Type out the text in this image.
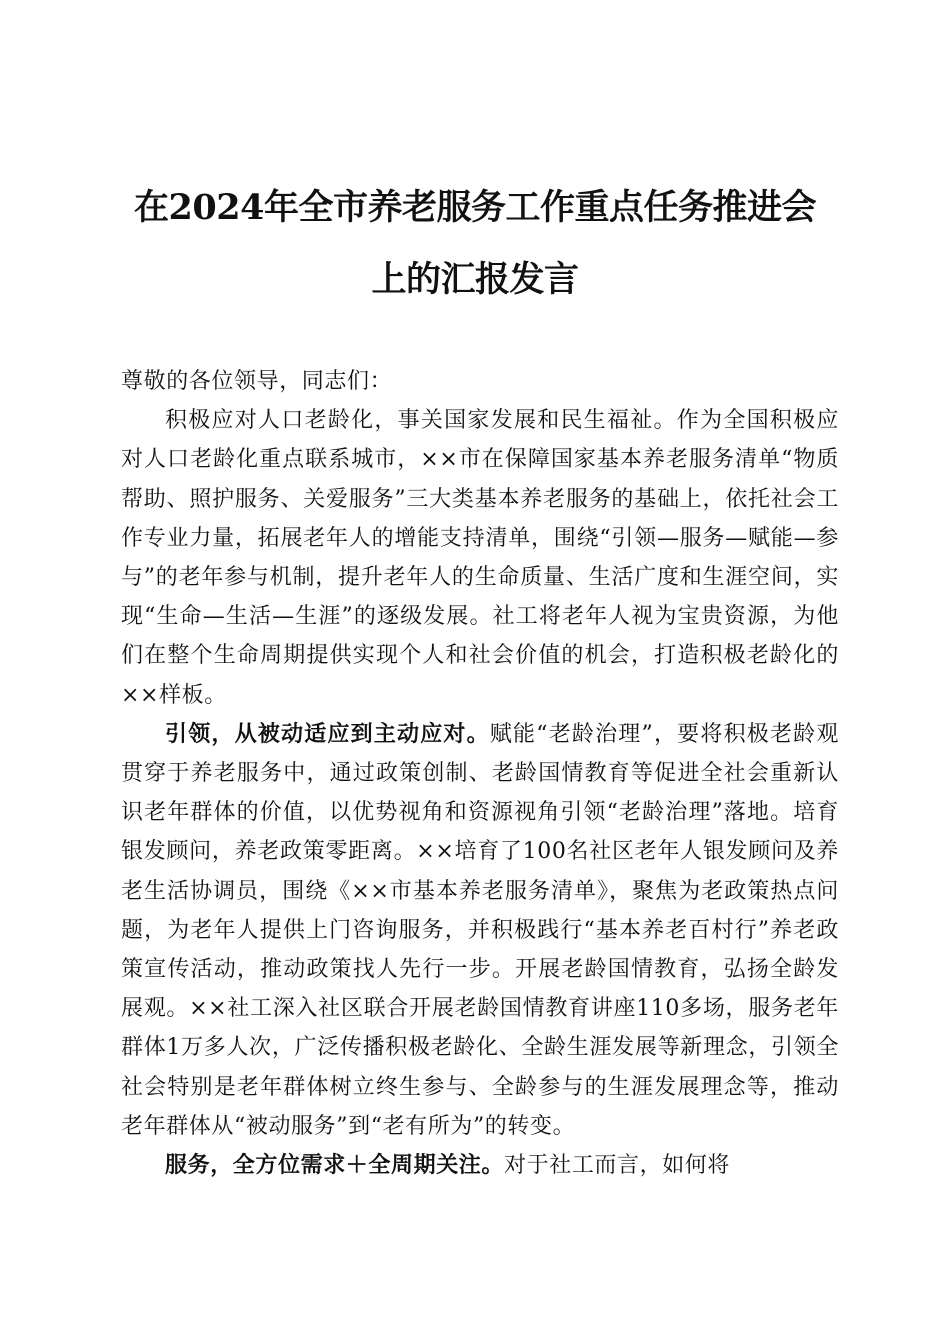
在2024年全市养老服务工作重点任务推进会
上的汇报发言

尊敬的各位领导，同志们：

积极应对人口老龄化，事关国家发展和民生福祉。作为全国积极应对人口老龄化重点联系城市，××市在保障国家基本养老服务清单“物质帮助、照护服务、关爱服务”三大类基本养老服务的基础上，依托社会工作专业力量，拓展老年人的增能支持清单，围绕“引领—服务—赋能—参与”的老年参与机制，提升老年人的生命质量、生活广度和生涯空间，实现“生命—生活—生涯”的逐级发展。社工将老年人视为宝贵资源，为他们在整个生命周期提供实现个人和社会价值的机会，打造积极老龄化的××样板。

引领，从被动适应到主动应对。赋能“老龄治理”，要将积极老龄观贯穿于养老服务中，通过政策创制、老龄国情教育等促进全社会重新认识老年群体的价值，以优势视角和资源视角引领“老龄治理”落地。培育银发顾问，养老政策零距离。××培育了100名社区老年人银发顾问及养老生活协调员，围绕《××市基本养老服务清单》，聚焦为老政策热点问题，为老年人提供上门咨询服务，并积极践行“基本养老百村行”养老政策宣传活动，推动政策找人先行一步。开展老龄国情教育，弘扬全龄发展观。××社工深入社区联合开展老龄国情教育讲座110多场，服务老年群体1万多人次，广泛传播积极老龄化、全龄生涯发展等新理念，引领全社会特别是老年群体树立终生参与、全龄参与的生涯发展理念等，推动老年群体从“被动服务”到“老有所为”的转变。

服务，全方位需求＋全周期关注。对于社工而言，如何将
